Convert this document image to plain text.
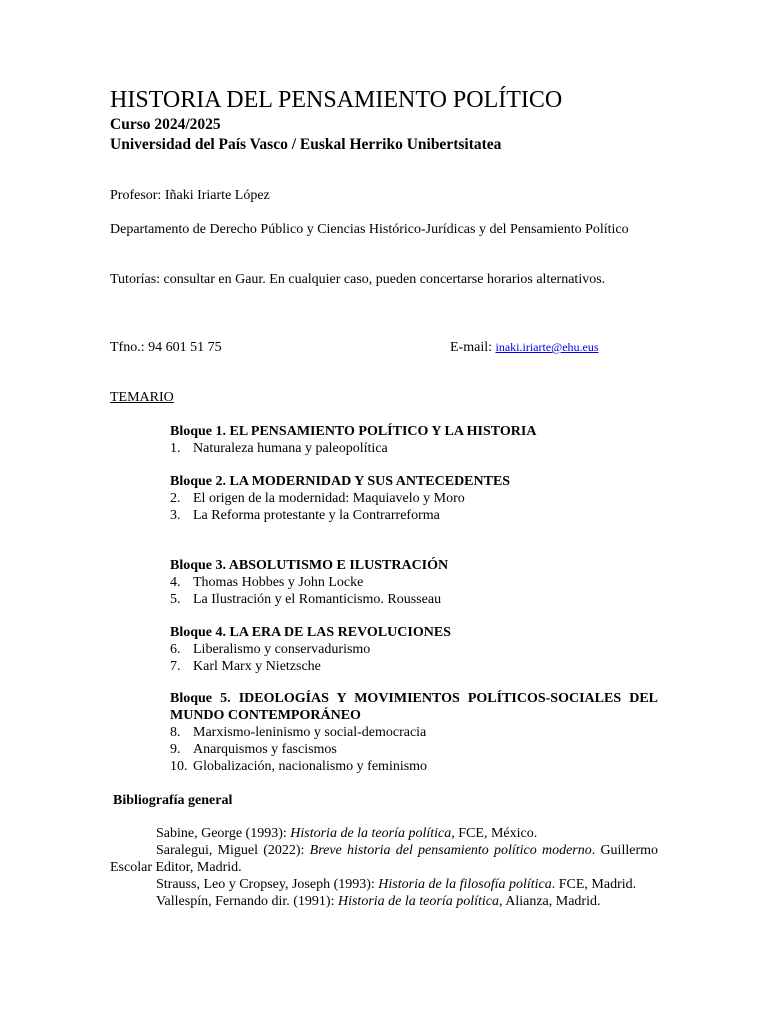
HISTORIA DEL PENSAMIENTO POLÍTICO
Curso 2024/2025
Universidad del País Vasco / Euskal Herriko Unibertsitatea
Profesor: Iñaki Iriarte López
Departamento de Derecho Público y Ciencias Histórico-Jurídicas y del Pensamiento Político
Tutorías: consultar en Gaur. En cualquier caso, pueden concertarse horarios alternativos.
Tfno.: 94 601 51 75	E-mail: inaki.iriarte@ehu.eus
TEMARIO
Bloque 1. EL PENSAMIENTO POLÍTICO Y LA HISTORIA
1. Naturaleza humana y paleopolítica
Bloque 2. LA MODERNIDAD Y SUS ANTECEDENTES
2. El origen de la modernidad: Maquiavelo y Moro
3. La Reforma protestante y la Contrarreforma
Bloque 3. ABSOLUTISMO E ILUSTRACIÓN
4. Thomas Hobbes y John Locke
5. La Ilustración y el Romanticismo. Rousseau
Bloque 4. LA ERA DE LAS REVOLUCIONES
6. Liberalismo y conservadurismo
7. Karl Marx y Nietzsche
Bloque 5. IDEOLOGÍAS Y MOVIMIENTOS POLÍTICOS-SOCIALES DEL MUNDO CONTEMPORÁNEO
8. Marxismo-leninismo y social-democracia
9. Anarquismos y fascismos
10. Globalización, nacionalismo y feminismo
Bibliografía general
Sabine, George (1993): Historia de la teoría política, FCE, México.
Saralegui, Miguel (2022): Breve historia del pensamiento político moderno. Guillermo Escolar Editor, Madrid.
Strauss, Leo y Cropsey, Joseph (1993): Historia de la filosofía política. FCE, Madrid.
Vallespín, Fernando dir. (1991): Historia de la teoría política, Alianza, Madrid.
